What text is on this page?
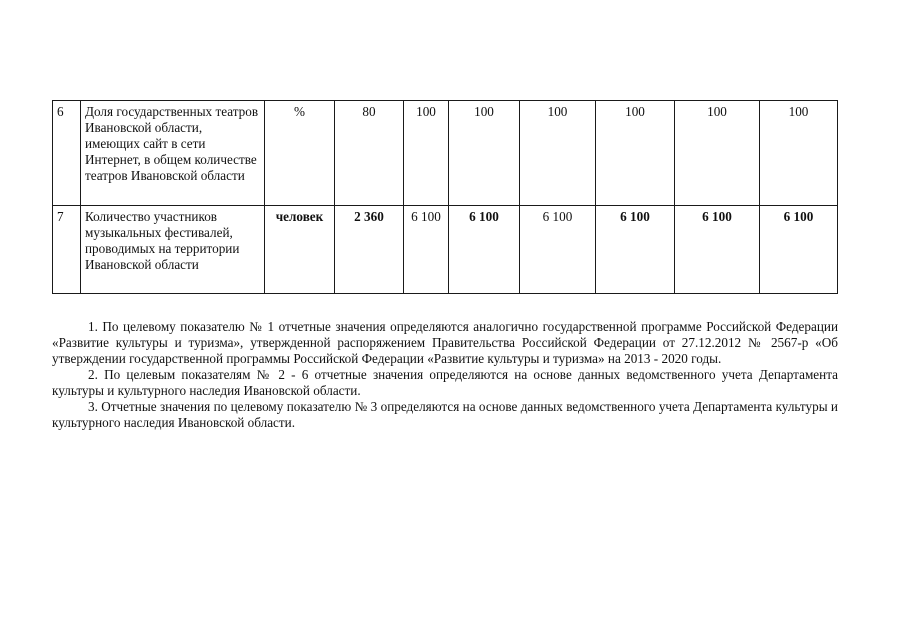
6	Доля государственных театров Ивановской области, имеющих сайт в сети Интернет, в общем количестве театров Ивановской области	%	80	100	100	100	100	100	100
7	Количество участников музыкальных фестивалей, проводимых на территории Ивановской области	человек	2 360	6 100	6 100	6 100	6 100	6 100	6 100

1. По целевому показателю № 1 отчетные значения определяются аналогично государственной программе Российской Федерации «Развитие культуры и туризма», утвержденной распоряжением Правительства Российской Федерации от 27.12.2012 № 2567-р «Об утверждении государственной программы Российской Федерации «Развитие культуры и туризма» на 2013 - 2020 годы.

2. По целевым показателям № 2 - 6 отчетные значения определяются на основе данных ведомственного учета Департамента культуры и культурного наследия Ивановской области.

3. Отчетные значения по целевому показателю № 3 определяются на основе данных ведомственного учета Департамента культуры и культурного наследия Ивановской области.
